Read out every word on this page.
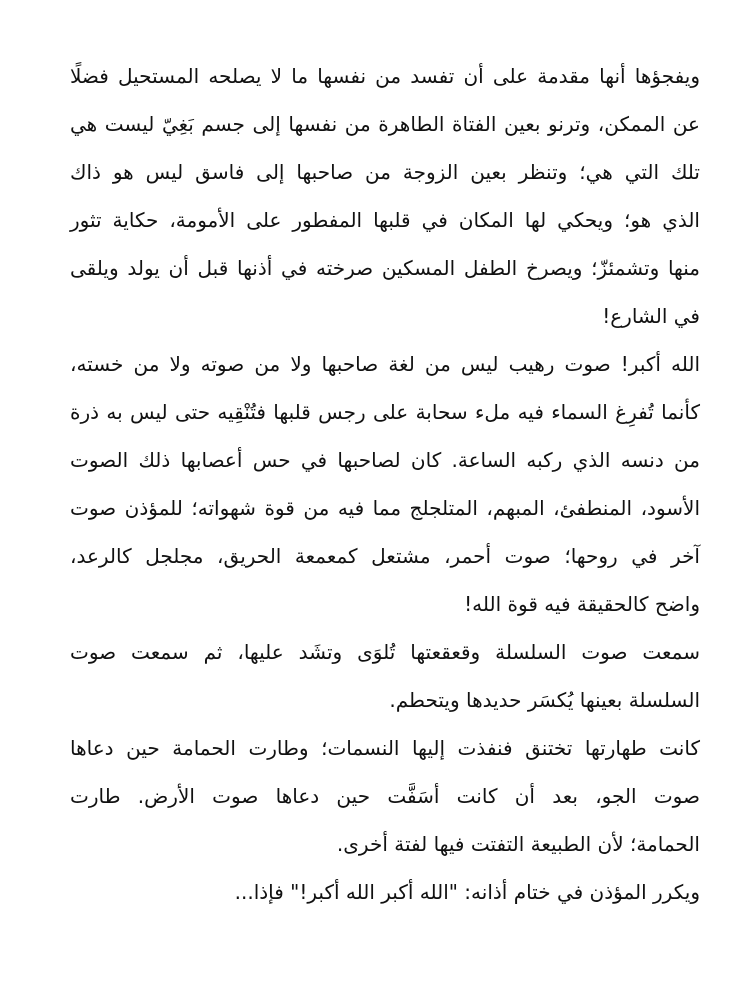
ويفجؤها أنها مقدمة على أن تفسد من نفسها ما لا يصلحه المستحيل فضلًا
عن الممكن، وترنو بعين الفتاة الطاهرة من نفسها إلى جسم بَغِيّ ليست هي
تلك التي هي؛ وتنظر بعين الزوجة من صاحبها إلى فاسق ليس هو ذاك
الذي هو؛ ويحكي لها المكان في قلبها المفطور على الأمومة، حكاية تثور
منها وتشمئزّ؛ ويصرخ الطفل المسكين صرخته في أذنها قبل أن يولد ويلقى
في الشارع!
الله أكبر! صوت رهيب ليس من لغة صاحبها ولا من صوته ولا من خسته،
كأنما تُفرِغ السماء فيه ملء سحابة على رجس قلبها فتُنْقِيه حتى ليس به ذرة
من دنسه الذي ركبه الساعة. كان لصاحبها في حس أعصابها ذلك الصوت
الأسود، المنطفئ، المبهم، المتلجلج مما فيه من قوة شهواته؛ للمؤذن صوت
آخر في روحها؛ صوت أحمر، مشتعل كمعمعة الحريق، مجلجل كالرعد،
واضح كالحقيقة فيه قوة الله!
سمعت صوت السلسلة وقعقعتها تُلوَى وتشَد عليها، ثم سمعت صوت
السلسلة بعينها يُكسَر حديدها ويتحطم.
كانت طهارتها تختنق فنفذت إليها النسمات؛ وطارت الحمامة حين دعاها
صوت الجو، بعد أن كانت أسَفَّت حين دعاها صوت الأرض. طارت
الحمامة؛ لأن الطبيعة التفتت فيها لفتة أخرى.
ويكرر المؤذن في ختام أذانه: "الله أكبر الله أكبر!" فإذا...
